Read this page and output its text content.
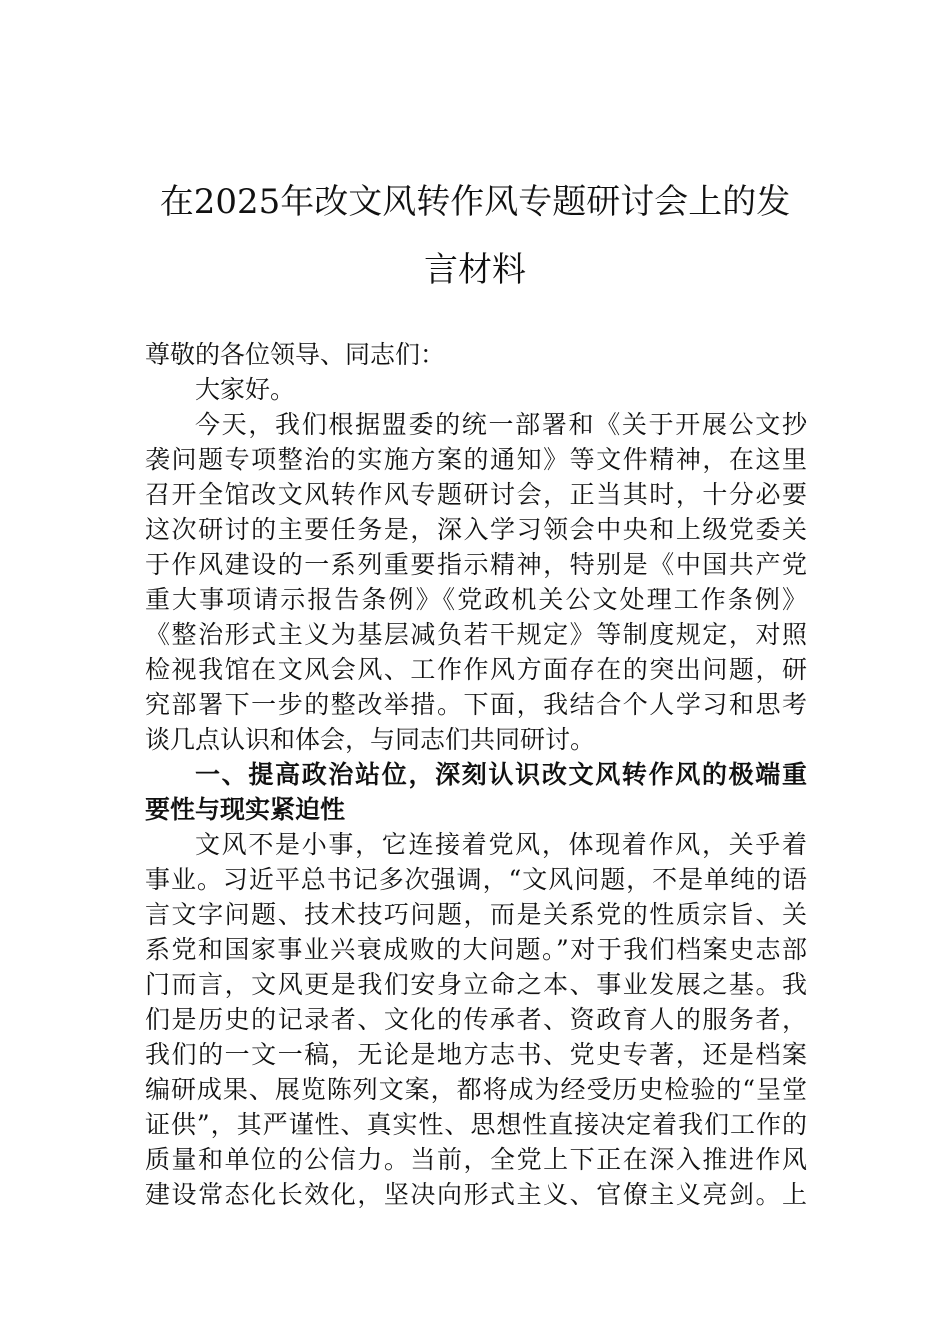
在2025年改文风转作风专题研讨会上的发
言材料
尊敬的各位领导、同志们：
大家好。
今天，我们根据盟委的统一部署和《关于开展公文抄
袭问题专项整治的实施方案的通知》等文件精神，在这里
召开全馆改文风转作风专题研讨会，正当其时，十分必要
这次研讨的主要任务是，深入学习领会中央和上级党委关
于作风建设的一系列重要指示精神，特别是《中国共产党
重大事项请示报告条例》《党政机关公文处理工作条例》
《整治形式主义为基层减负若干规定》等制度规定，对照
检视我馆在文风会风、工作作风方面存在的突出问题，研
究部署下一步的整改举措。下面，我结合个人学习和思考
谈几点认识和体会，与同志们共同研讨。
一、提高政治站位，深刻认识改文风转作风的极端重
要性与现实紧迫性
文风不是小事，它连接着党风，体现着作风，关乎着
事业。习近平总书记多次强调，“文风问题，不是单纯的语
言文字问题、技术技巧问题，而是关系党的性质宗旨、关
系党和国家事业兴衰成败的大问题。”对于我们档案史志部
门而言，文风更是我们安身立命之本、事业发展之基。我
们是历史的记录者、文化的传承者、资政育人的服务者，
我们的一文一稿，无论是地方志书、党史专著，还是档案
编研成果、展览陈列文案，都将成为经受历史检验的“呈堂
证供”，其严谨性、真实性、思想性直接决定着我们工作的
质量和单位的公信力。当前，全党上下正在深入推进作风
建设常态化长效化，坚决向形式主义、官僚主义亮剑。上
